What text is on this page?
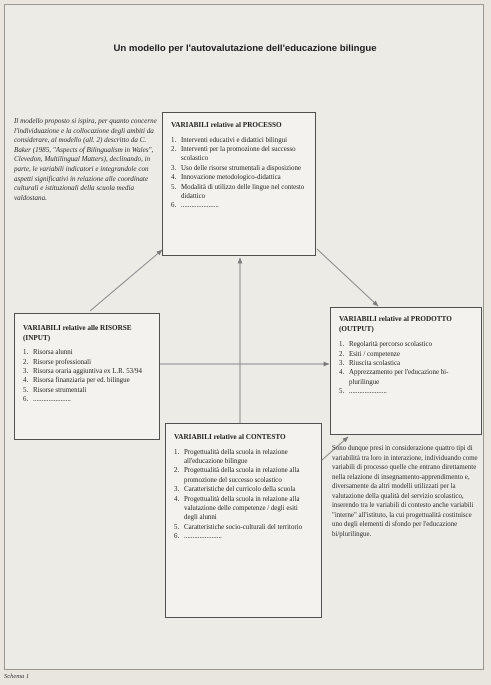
Un modello per l'autovalutazione dell'educazione bilingue
Il modello proposto si ispira, per quanto concerne l'individuazione e la collocazione degli ambiti da considerare, al modello (all. 2) descritto da C. Baker (1985, "Aspects of Bilingualism in Wales", Clevedon, Multilingual Matters), declinando, in parte, le variabili indicatori e integrandole con aspetti significativi in relazione alle coordinate culturali e istituzionali della scuola media valdostana.
VARIABILI relative al PROCESSO
1. Interventi educativi e didattici bilingui
2. Interventi per la promozione del successo scolastico
3. Uso delle risorse strumentali a disposizione
4. Innovazione metodologico-didattica
5. Modalità di utilizzo delle lingue nel contesto didattico
6. ......................
VARIABILI relative alle RISORSE (INPUT)
1. Risorsa alunni
2. Risorse professionali
3. Risorsa oraria aggiuntiva ex L.R. 53/94
4. Risorsa finanziaria per ed. bilingue
5. Risorse strumentali
6. ......................
VARIABILI relative al PRODOTTO (OUTPUT)
1. Regolarità percorso scolastico
2. Esiti / competenze
3. Riuscita scolastica
4. Apprezzamento per l'educazione bi-plurilingue
5. ......................
VARIABILI relative al CONTESTO
1. Progettualità della scuola in relazione all'educazione bilingue
2. Progettualità della scuola in relazione alla promozione del successo scolastico
3. Caratteristiche del curricolo della scuola
4. Progettualità della scuola in relazione alla valutazione delle competenze / degli esiti degli alunni
5. Caratteristiche socio-culturali del territorio
6. ......................
Sono dunque presi in considerazione quattro tipi di variabilità tra loro in interazione, individuando come variabili di processo quelle che entrano direttamente nella relazione di insegnamento-apprendimento e, diversamente da altri modelli utilizzati per la valutazione della qualità del servizio scolastico, inserendo tra le variabili di contesto anche variabili "interne" all'istituto, la cui progettualità costituisce uno degli elementi di sfondo per l'educazione bi/plurilingue.
Schema 1
